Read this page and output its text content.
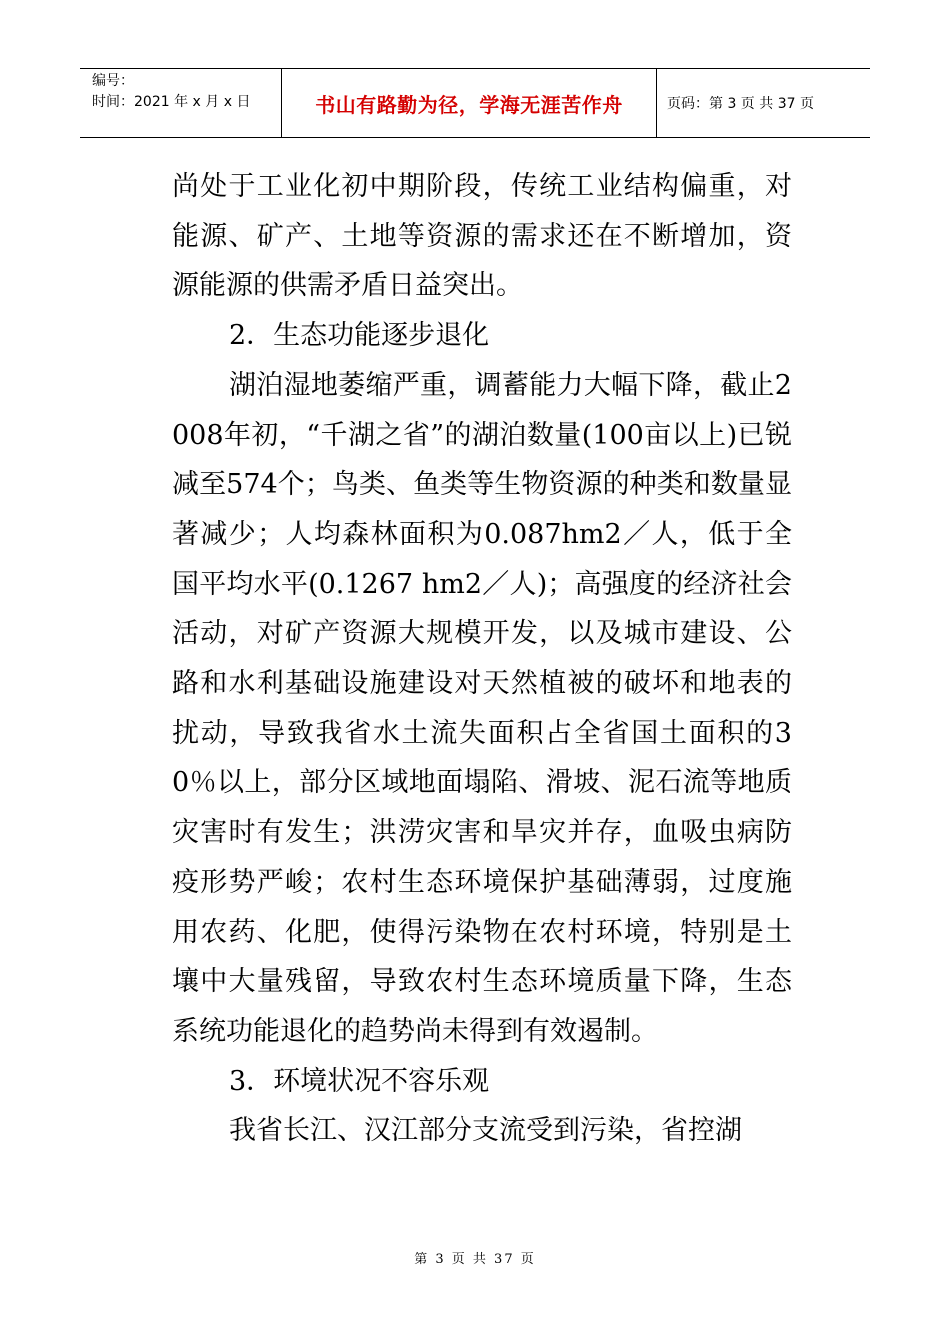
编号：
时间：2021 年 x 月 x 日	书山有路勤为径，学海无涯苦作舟	页码：第 3 页 共 37 页

尚处于工业化初中期阶段，传统工业结构偏重，对能源、矿产、土地等资源的需求还在不断增加，资源能源的供需矛盾日益突出。

2．生态功能逐步退化

湖泊湿地萎缩严重，调蓄能力大幅下降，截止2008年初，“千湖之省”的湖泊数量(100亩以上)已锐减至574个；鸟类、鱼类等生物资源的种类和数量显著减少；人均森林面积为0.087hm2／人，低于全国平均水平(0.1267 hm2／人)；高强度的经济社会活动，对矿产资源大规模开发，以及城市建设、公路和水利基础设施建设对天然植被的破坏和地表的扰动，导致我省水土流失面积占全省国土面积的30％以上，部分区域地面塌陷、滑坡、泥石流等地质灾害时有发生；洪涝灾害和旱灾并存，血吸虫病防疫形势严峻；农村生态环境保护基础薄弱，过度施用农药、化肥，使得污染物在农村环境，特别是土壤中大量残留，导致农村生态环境质量下降，生态系统功能退化的趋势尚未得到有效遏制。

3．环境状况不容乐观

我省长江、汉江部分支流受到污染，省控湖

第 3 页 共 37 页
